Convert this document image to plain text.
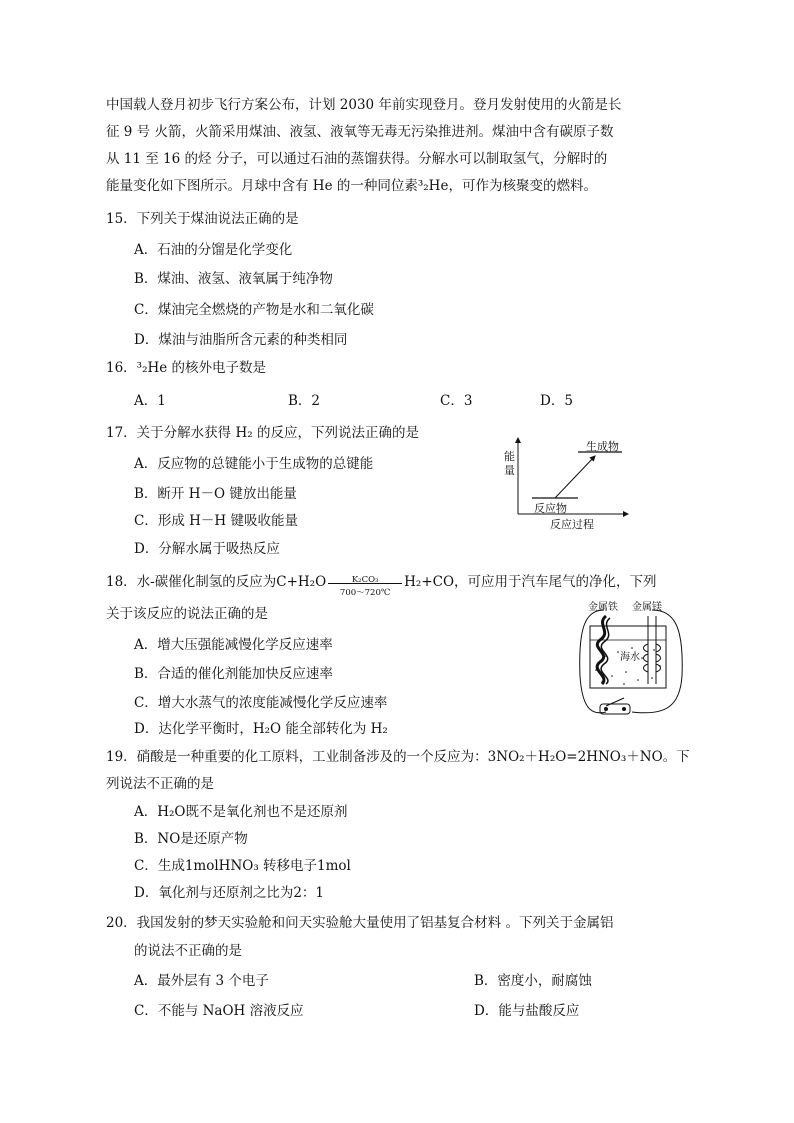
中国载人登月初步飞行方案公布，计划 2030 年前实现登月。登月发射使用的火箭是长
征 9 号 火箭，火箭采用煤油、液氢、液氧等无毒无污染推进剂。煤油中含有碳原子数
从 11 至 16 的烃 分子，可以通过石油的蒸馏获得。分解水可以制取氢气，分解时的
能量变化如下图所示。月球中含有 He 的一种同位素³₂He，可作为核聚变的燃料。
15．下列关于煤油说法正确的是
A．石油的分馏是化学变化
B．煤油、液氢、液氧属于纯净物
C．煤油完全燃烧的产物是水和二氧化碳
D．煤油与油脂所含元素的种类相同
16．³₂He 的核外电子数是
A．1	B．2	C．3	D．5
17．关于分解水获得 H₂ 的反应，下列说法正确的是
A．反应物的总键能小于生成物的总键能
B．断开 H－O 键放出能量
C．形成 H－H 键吸收能量
D．分解水属于吸热反应
能
量
生成物
反应物
反应过程
18．水-碳催化制氢的反应为C+H₂O	K₂CO₃
700～720℃
H₂+CO，可应用于汽车尾气的净化，下列
关于该反应的说法正确的是
A．增大压强能减慢化学反应速率
B．合适的催化剂能加快反应速率
C．增大水蒸气的浓度能减慢化学反应速率
D．达化学平衡时，H₂O 能全部转化为 H₂
金属铁 金属镁
海水
19．硝酸是一种重要的化工原料，工业制备涉及的一个反应为：3NO₂＋H₂O=2HNO₃＋NO。下
列说法不正确的是
A．H₂O既不是氧化剂也不是还原剂
B．NO是还原产物
C．生成1molHNO₃ 转移电子1mol
D．氧化剂与还原剂之比为2：1
20．我国发射的梦天实验舱和问天实验舱大量使用了铝基复合材料 。下列关于金属铝
的说法不正确的是
A．最外层有 3 个电子	B．密度小，耐腐蚀
C．不能与 NaOH 溶液反应	D．能与盐酸反应
